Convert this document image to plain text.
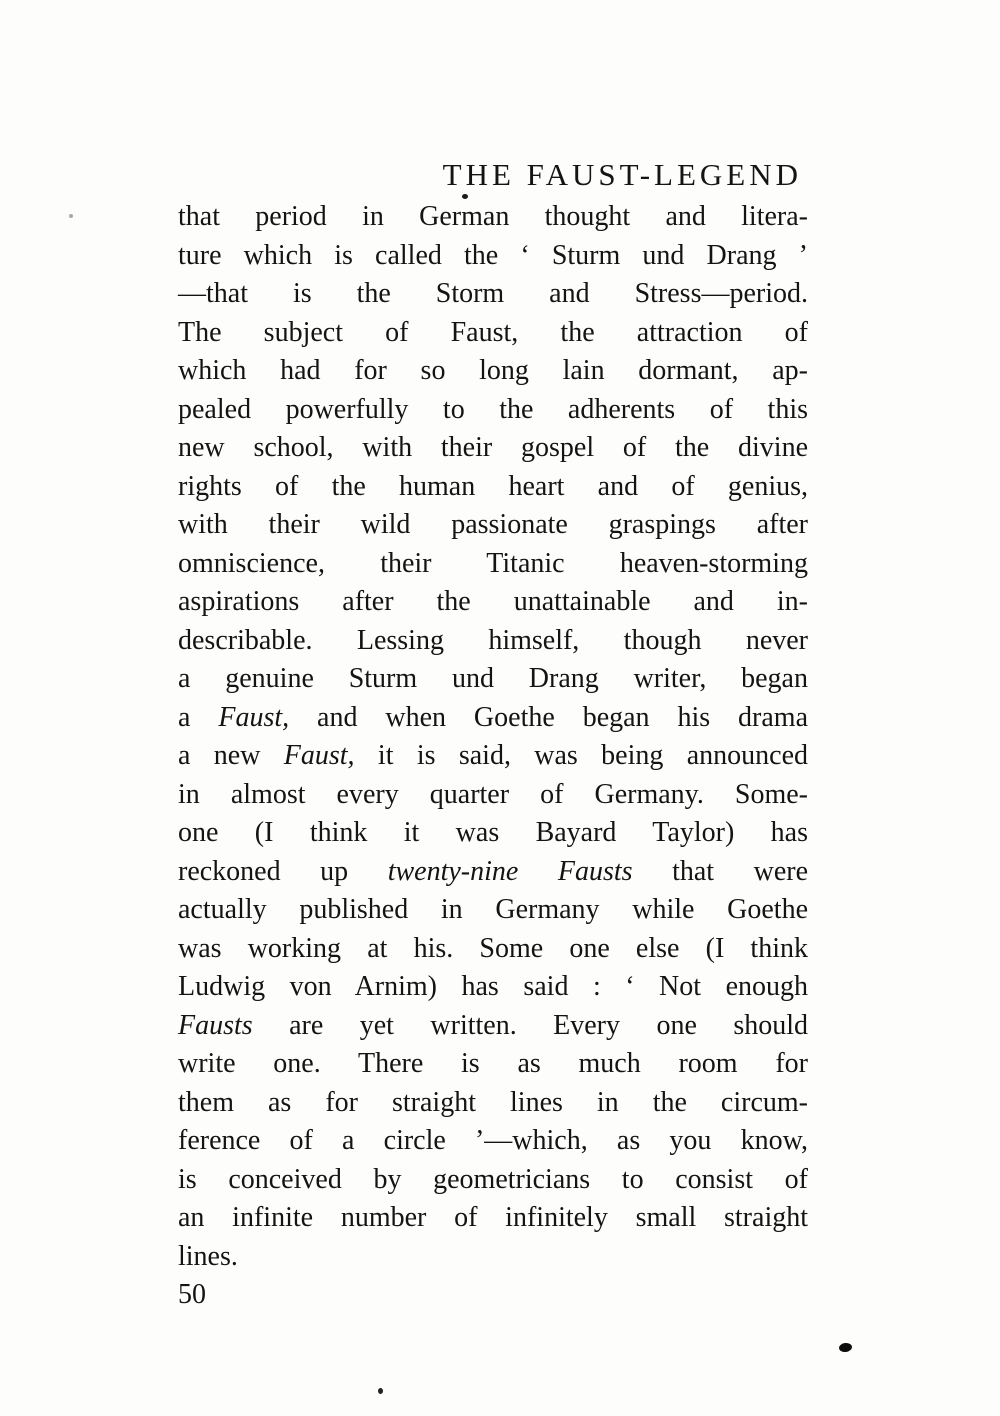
THE FAUST-LEGEND
that period in German thought and litera-
ture which is called the ‘ Sturm und Drang ’
—that is the Storm and Stress—period.
The subject of Faust, the attraction of
which had for so long lain dormant, ap-
pealed powerfully to the adherents of this
new school, with their gospel of the divine
rights of the human heart and of genius,
with their wild passionate graspings after
omniscience, their Titanic heaven-storming
aspirations after the unattainable and in-
describable. Lessing himself, though never
a genuine Sturm und Drang writer, began
a Faust, and when Goethe began his drama
a new Faust, it is said, was being announced
in almost every quarter of Germany. Some-
one (I think it was Bayard Taylor) has
reckoned up twenty-nine Fausts that were
actually published in Germany while Goethe
was working at his. Some one else (I think
Ludwig von Arnim) has said : ‘ Not enough
Fausts are yet written. Every one should
write one. There is as much room for
them as for straight lines in the circum-
ference of a circle ’—which, as you know,
is conceived by geometricians to consist of
an infinite number of infinitely small straight
lines.
50
